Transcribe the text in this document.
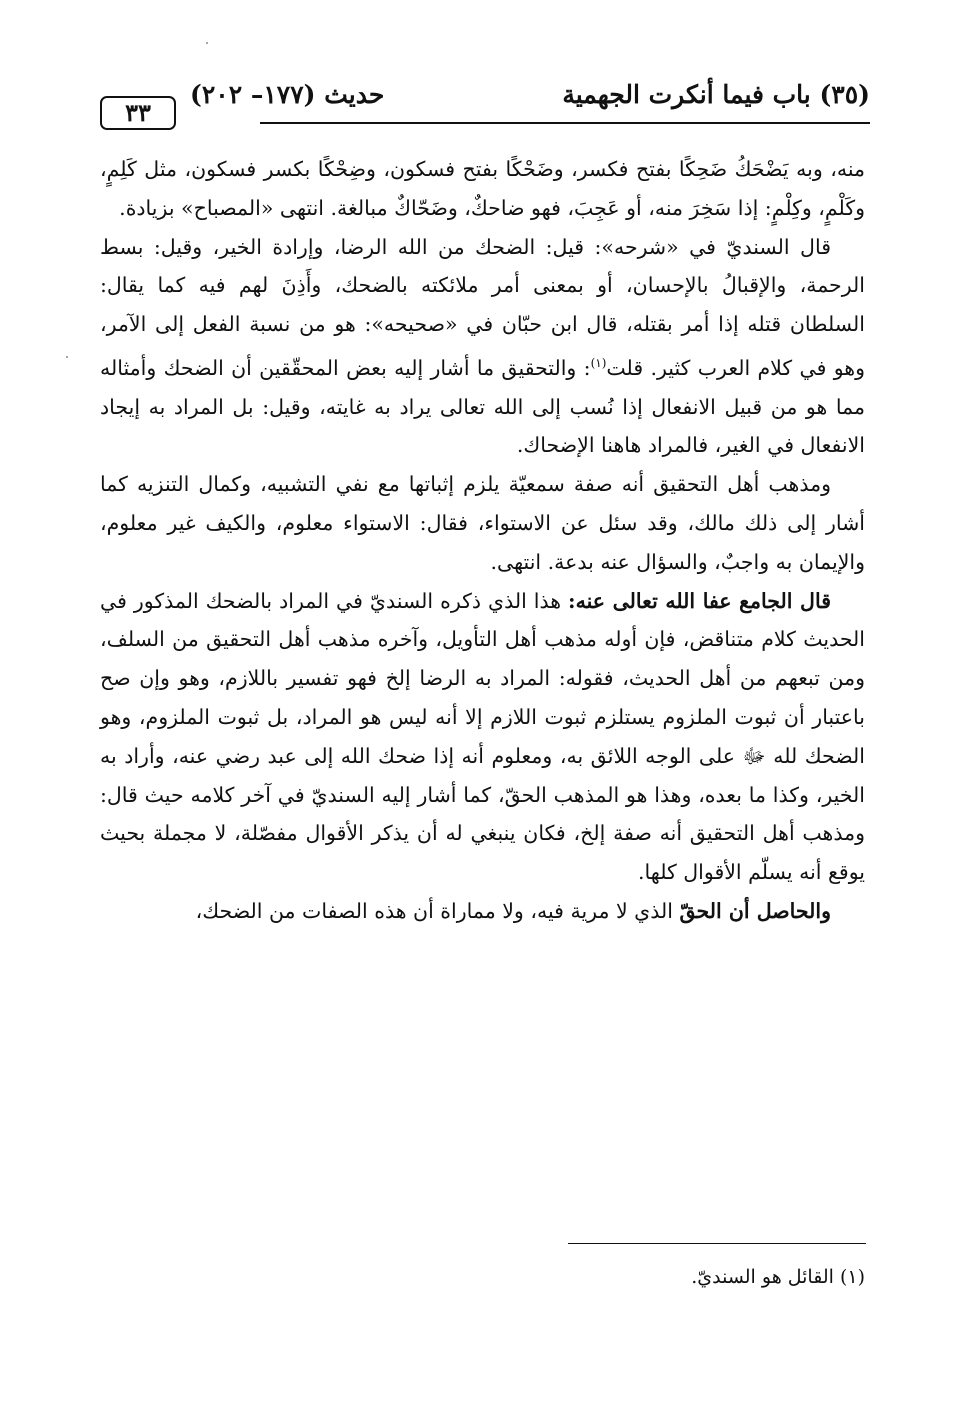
٣٣
حديث (١٧٧– ٢٠٢)	(٣٥) باب فيما أنكرت الجهمية

منه، وبه يَضْحَكُ ضَحِكًا بفتح فكسر، وضَحْكًا بفتح فسكون، وضِحْكًا بكسر فسكون، مثل كَلِمٍ، وكَلْمٍ، وكِلْمٍ: إذا سَخِرَ منه، أو عَجِبَ، فهو ضاحكٌ، وضَحّاكٌ مبالغة. انتهى «المصباح» بزيادة.

قال السنديّ في «شرحه»: قيل: الضحك من الله الرضا، وإرادة الخير، وقيل: بسط الرحمة، والإقبالُ بالإحسان، أو بمعنى أمر ملائكته بالضحك، وأَذِنَ لهم فيه كما يقال: السلطان قتله إذا أمر بقتله، قال ابن حبّان في «صحيحه»: هو من نسبة الفعل إلى الآمر، وهو في كلام العرب كثير. قلت$^{(١)}$: والتحقيق ما أشار إليه بعض المحقّقين أن الضحك وأمثاله مما هو من قبيل الانفعال إذا نُسب إلى الله تعالى يراد به غايته، وقيل: بل المراد به إيجاد الانفعال في الغير، فالمراد هاهنا الإضحاك.

ومذهب أهل التحقيق أنه صفة سمعيّة يلزم إثباتها مع نفي التشبيه، وكمال التنزيه كما أشار إلى ذلك مالك، وقد سئل عن الاستواء، فقال: الاستواء معلوم، والكيف غير معلوم، والإيمان به واجبٌ، والسؤال عنه بدعة. انتهى.

قال الجامع عفا الله تعالى عنه: هذا الذي ذكره السنديّ في المراد بالضحك المذكور في الحديث كلام متناقض، فإن أوله مذهب أهل التأويل، وآخره مذهب أهل التحقيق من السلف، ومن تبعهم من أهل الحديث، فقوله: المراد به الرضا إلخ فهو تفسير باللازم، وهو وإن صح باعتبار أن ثبوت الملزوم يستلزم ثبوت اللازم إلا أنه ليس هو المراد، بل ثبوت الملزوم، وهو الضحك لله ﷻ على الوجه اللائق به، ومعلوم أنه إذا ضحك الله إلى عبد رضي عنه، وأراد به الخير، وكذا ما بعده، وهذا هو المذهب الحقّ، كما أشار إليه السنديّ في آخر كلامه حيث قال: ومذهب أهل التحقيق أنه صفة إلخ، فكان ينبغي له أن يذكر الأقوال مفصّلة، لا مجملة بحيث يوقع أنه يسلّم الأقوال كلها.

والحاصل أن الحقّ الذي لا مرية فيه، ولا مماراة أن هذه الصفات من الضحك،

(١) القائل هو السنديّ.
